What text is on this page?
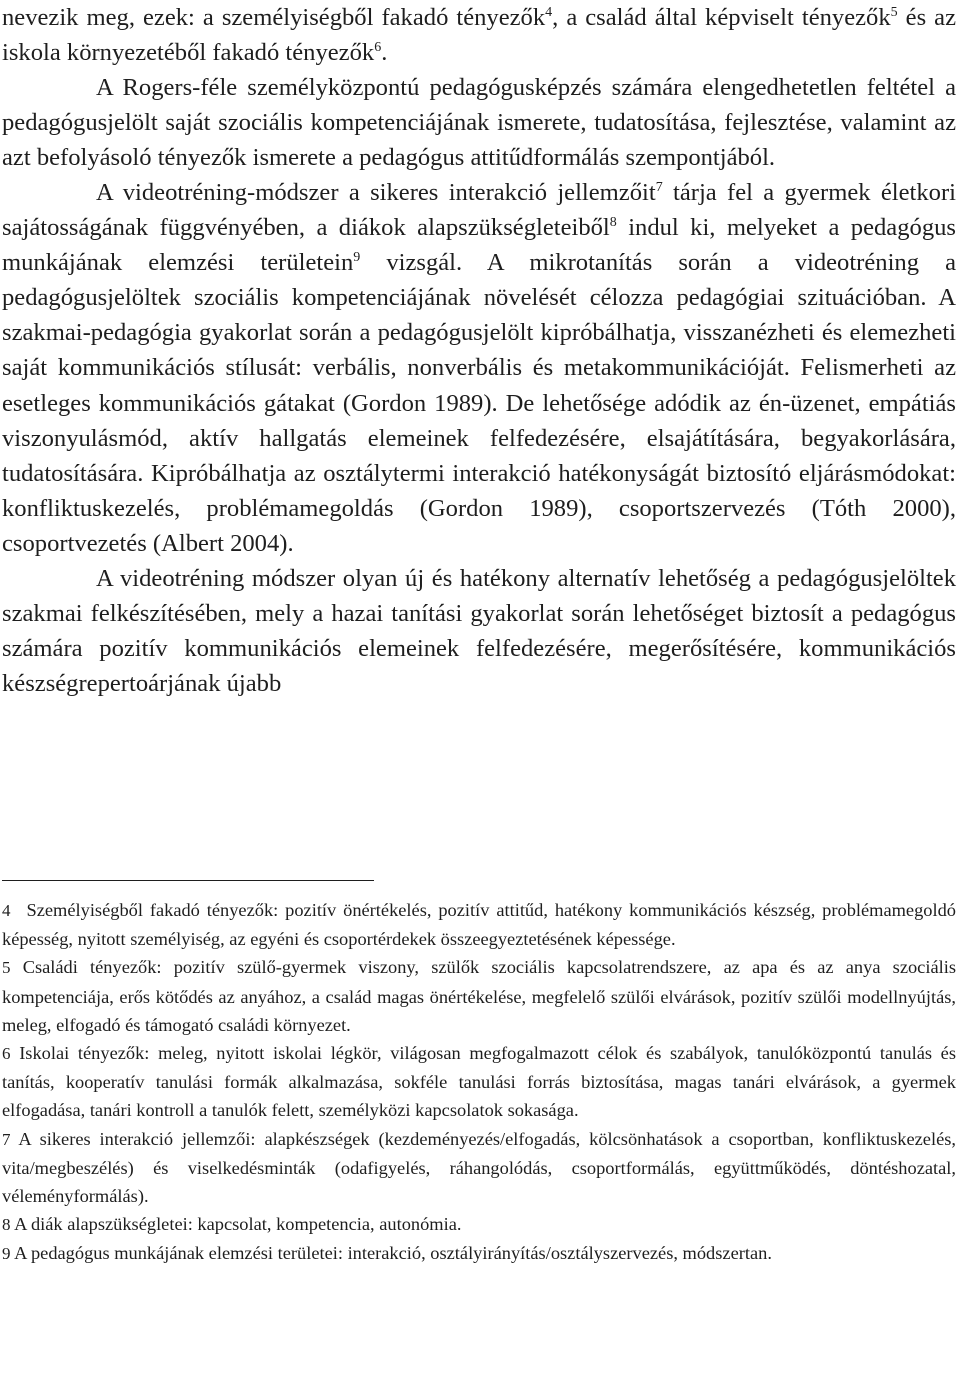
nevezik meg, ezek: a személyiségből fakadó tényezők$^4$, a család által képviselt tényezők$^5$ és az iskola környezetéből fakadó tényezők$^6$.

A Rogers-féle személyközpontú pedagógusképzés számára elengedhetetlen feltétel a pedagógusjelölt saját szociális kompetenciájának ismerete, tudatosítása, fejlesztése, valamint az azt befolyásoló tényezők ismerete a pedagógus attitűdformálás szempontjából.

A videotréning-módszer a sikeres interakció jellemzőit$^7$ tárja fel a gyermek életkori sajátosságának függvényében, a diákok alapszükségleteiből$^8$ indul ki, melyeket a pedagógus munkájának elemzési területein$^9$ vizsgál. A mikrotanítás során a videotréning a pedagógusjelöltek szociális kompetenciájának növelését célozza pedagógiai szituációban. A szakmai-pedagógia gyakorlat során a pedagógusjelölt kipróbálhatja, visszanézheti és elemezheti saját kommunikációs stílusát: verbális, nonverbális és metakommunikációját. Felismerheti az esetleges kommunikációs gátakat (Gordon 1989). De lehetősége adódik az én-üzenet, empátiás viszonyulásmód, aktív hallgatás elemeinek felfedezésére, elsajátítására, begyakorlására, tudatosítására. Kipróbálhatja az osztálytermi interakció hatékonyságát biztosító eljárásmódokat: konfliktuskezelés, problémamegoldás (Gordon 1989), csoportszervezés (Tóth 2000), csoportvezetés (Albert 2004).

A videotréning módszer olyan új és hatékony alternatív lehetőség a pedagógusjelöltek szakmai felkészítésében, mely a hazai tanítási gyakorlat során lehetőséget biztosít a pedagógus számára pozitív kommunikációs elemeinek felfedezésére, megerősítésére, kommunikációs készségrepertoárjának újabb

4 Személyiségből fakadó tényezők: pozitív önértékelés, pozitív attitűd, hatékony kommunikációs készség, problémamegoldó képesség, nyitott személyiség, az egyéni és csoportérdekek összeegyeztetésének képessége.

5 Családi tényezők: pozitív szülő-gyermek viszony, szülők szociális kapcsolatrendszere, az apa és az anya szociális kompetenciája, erős kötődés az anyához, a család magas önértékelése, megfelelő szülői elvárások, pozitív szülői modellnyújtás, meleg, elfogadó és támogató családi környezet.

6 Iskolai tényezők: meleg, nyitott iskolai légkör, világosan megfogalmazott célok és szabályok, tanulóközpontú tanulás és tanítás, kooperatív tanulási formák alkalmazása, sokféle tanulási forrás biztosítása, magas tanári elvárások, a gyermek elfogadása, tanári kontroll a tanulók felett, személyközi kapcsolatok sokasága.

7 A sikeres interakció jellemzői: alapkészségek (kezdeményezés/elfogadás, kölcsönhatások a csoportban, konfliktuskezelés, vita/megbeszélés) és viselkedésminták (odafigyelés, ráhangolódás, csoportformálás, együttműködés, döntéshozatal, véleményformálás).

8 A diák alapszükségletei: kapcsolat, kompetencia, autonómia.

9 A pedagógus munkájának elemzési területei: interakció, osztályirányítás/osztályszervezés, módszertan.
